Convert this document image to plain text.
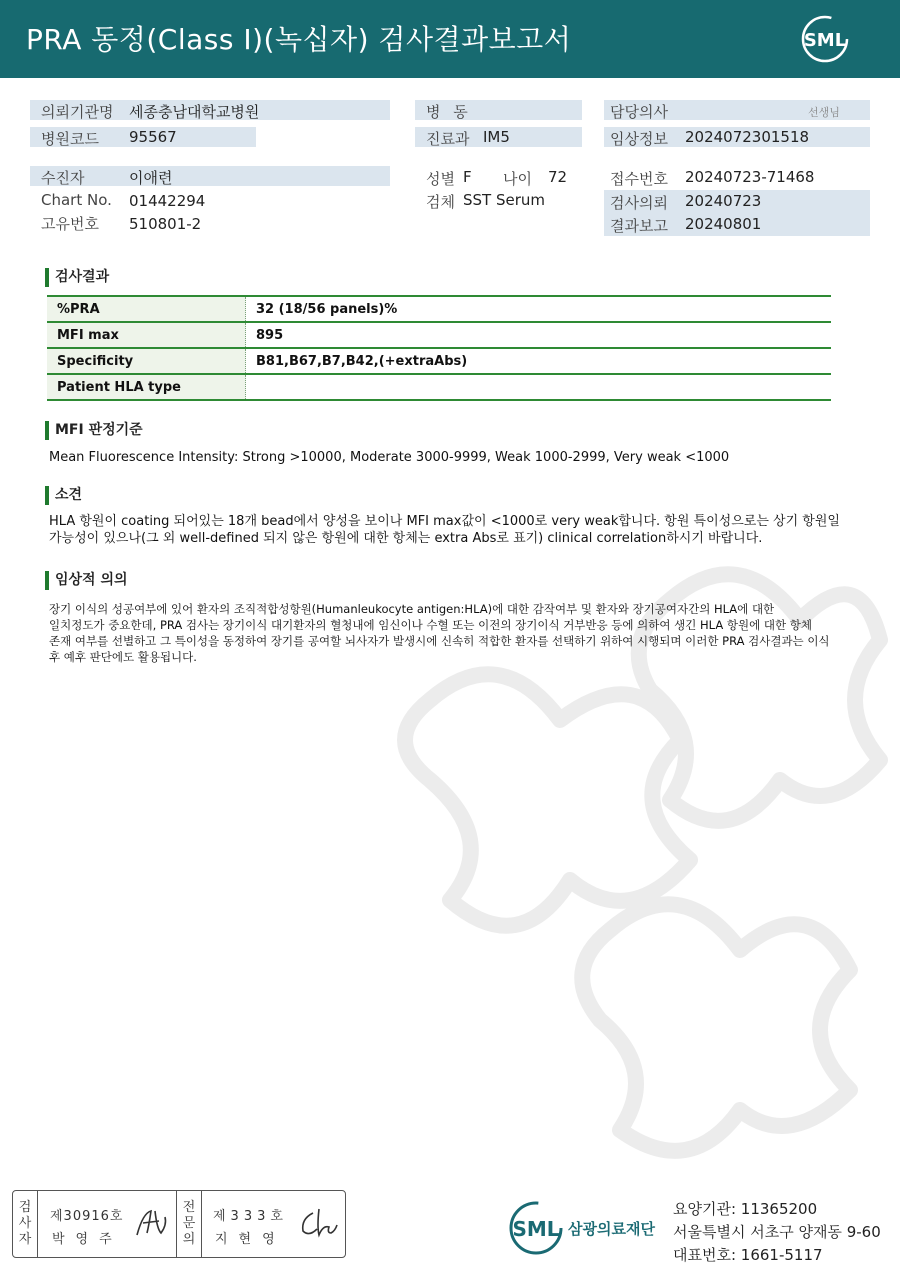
PRA 동정(Class I)(녹십자) 검사결과보고서	SML
의뢰기관명 세종충남대학교병원
병원코드 95567
병 동
진료과 IM5
담당의사	선생님
임상정보 2024072301518
수진자	이애련
Chart No. 01442294
고유번호 510801-2
성별 F 나이 72
검체 SST Serum
접수번호 20240723-71468
검사의뢰 20240723
결과보고 20240801
검사결과
%PRA	32 (18/56 panels)%
MFI max	895
Specificity	B81,B67,B7,B42,(+extraAbs)
Patient HLA type	
MFI 판정기준
Mean Fluorescence Intensity: Strong >10000, Moderate 3000-9999, Weak 1000-2999, Very weak <1000
소견
HLA 항원이 coating 되어있는 18개 bead에서 양성을 보이나 MFI max값이 <1000로 very weak합니다. 항원 특이성으로는 상기 항원일
가능성이 있으나(그 외 well-defined 되지 않은 항원에 대한 항체는 extra Abs로 표기) clinical correlation하시기 바랍니다.
임상적 의의
장기 이식의 성공여부에 있어 환자의 조직적합성항원(Humanleukocyte antigen:HLA)에 대한 감작여부 및 환자와 장기공여자간의 HLA에 대한
일치정도가 중요한데, PRA 검사는 장기이식 대기환자의 혈청내에 임신이나 수혈 또는 이전의 장기이식 거부반응 등에 의하여 생긴 HLA 항원에 대한 항체
존재 여부를 선별하고 그 특이성을 동정하여 장기를 공여할 뇌사자가 발생시에 신속히 적합한 환자를 선택하기 위하여 시행되며 이러한 PRA 검사결과는 이식
후 예후 판단에도 활용됩니다.
검
사
자
제30916호
박영주
전
문
의
제333호
지현영	SML 삼광의료재단
요양기관: 11365200
서울특별시 서초구 양재동 9-60
대표번호: 1661-5117
